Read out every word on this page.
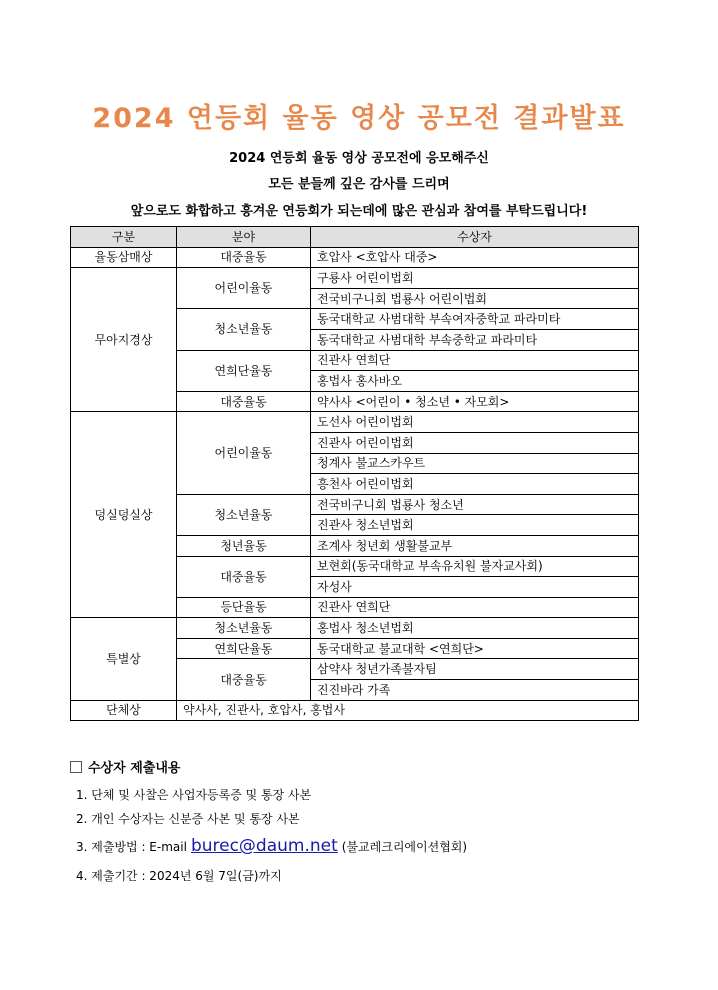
2024 연등회 율동 영상 공모전 결과발표
2024 연등회 율동 영상 공모전에 응모해주신
모든 분들께 깊은 감사를 드리며
앞으로도 화합하고 흥겨운 연등회가 되는데에 많은 관심과 참여를 부탁드립니다!
구분	분야	수상자
율동삼매상	대중율동	호압사 <호압사 대중>
무아지경상	어린이율동	구룡사 어린이법회
		전국비구니회 법룡사 어린이법회
	청소년율동	동국대학교 사범대학 부속여자중학교 파라미타
		동국대학교 사범대학 부속중학교 파라미타
	연희단율동	진관사 연희단
		홍법사 홍사바오
	대중율동	약사사 <어린이 • 청소년 • 자모회>
덩실덩실상	어린이율동	도선사 어린이법회
		진관사 어린이법회
		청계사 불교스카우트
		흥천사 어린이법회
	청소년율동	전국비구니회 법룡사 청소년
		진관사 청소년법회
	청년율동	조계사 청년회 생활불교부
	대중율동	보현회(동국대학교 부속유치원 불자교사회)
		자성사
	등단율동	진관사 연희단
특별상	청소년율동	홍법사 청소년법회
	연희단율동	동국대학교 불교대학 <연희단>
	대중율동	삼약사 청년가족불자팀
		진진바라 가족
단체상	약사사, 진관사, 호압사, 홍법사	
수상자 제출내용
1. 단체 및 사찰은 사업자등록증 및 통장 사본
2. 개인 수상자는 신분증 사본 및 통장 사본
3. 제출방법 : E-mail burec@daum.net (불교레크리에이션협회)
4. 제출기간 : 2024년 6월 7일(금)까지
